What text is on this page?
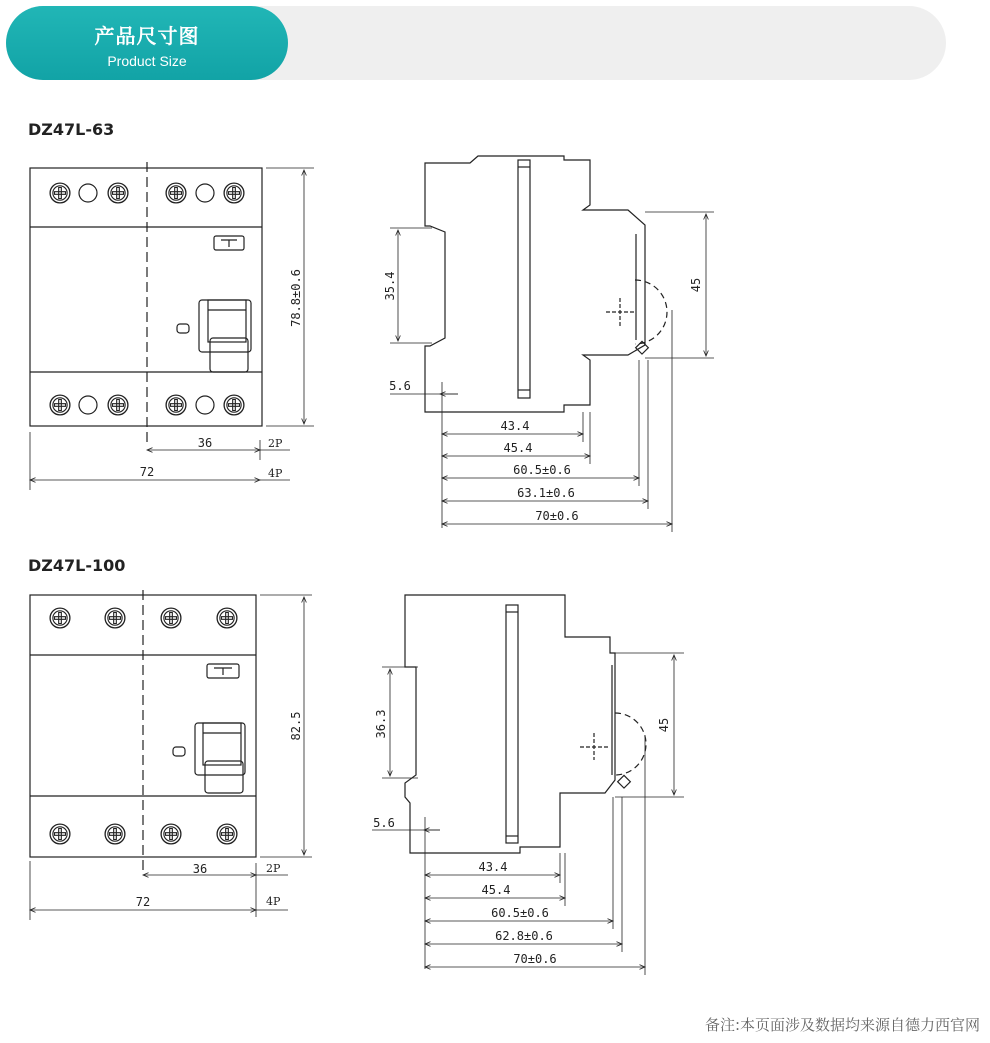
产品尺寸图
Product Size
DZ47L-63
78.8±0.6
36	2P
72	4P
35.4
5.6
45
43.4
45.4
60.5±0.6
63.1±0.6
70±0.6
DZ47L-100
82.5
36	2P
72	4P
36.3
5.6
45
43.4
45.4
60.5±0.6
62.8±0.6
70±0.6
备注:本页面涉及数据均来源自德力西官网
